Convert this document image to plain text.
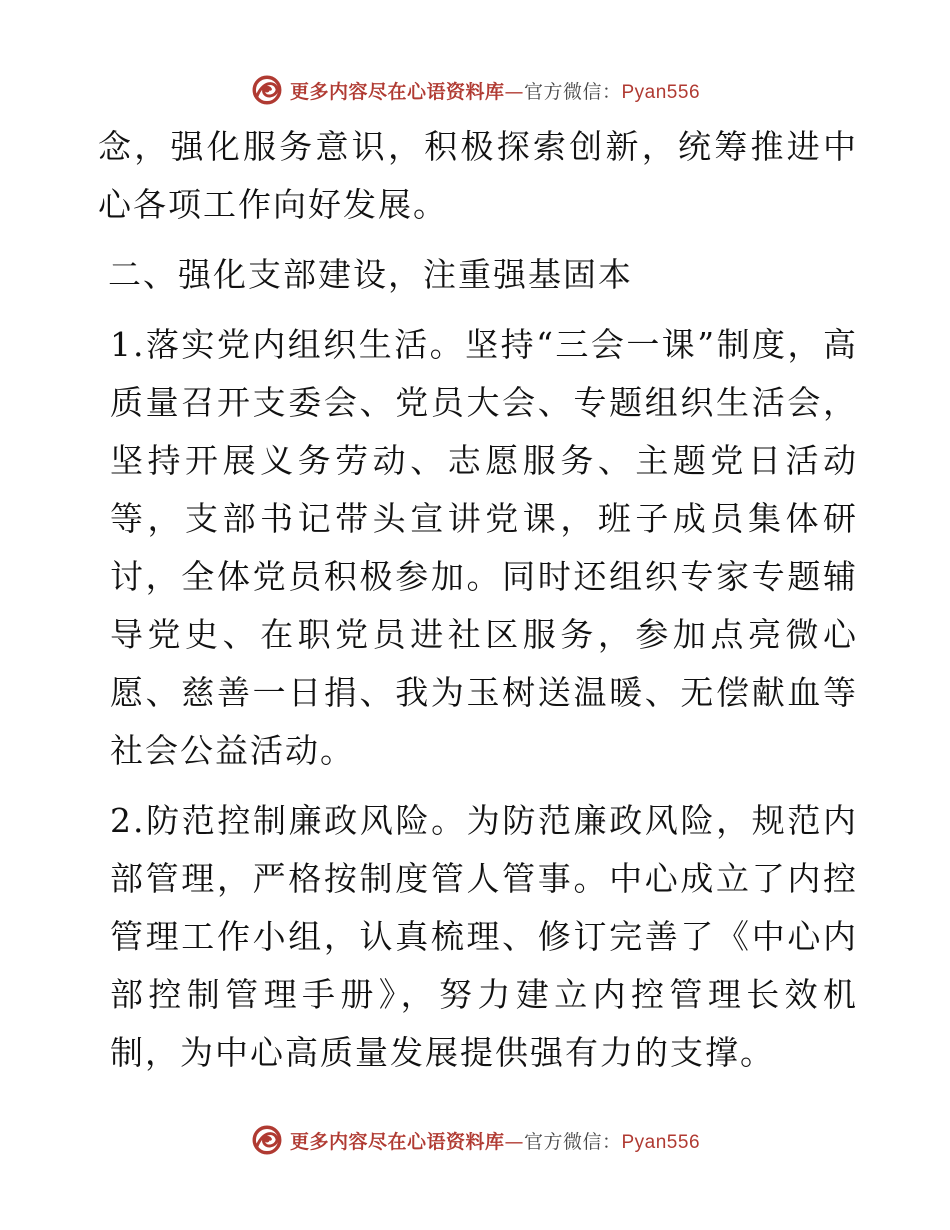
更多内容尽在心语资料库—官方微信：Pyan556

念，强化服务意识，积极探索创新，统筹推进中心各项工作向好发展。

二、强化支部建设，注重强基固本

1.落实党内组织生活。坚持“三会一课”制度，高质量召开支委会、党员大会、专题组织生活会，坚持开展义务劳动、志愿服务、主题党日活动等，支部书记带头宣讲党课，班子成员集体研讨，全体党员积极参加。同时还组织专家专题辅导党史、在职党员进社区服务，参加点亮微心愿、慈善一日捐、我为玉树送温暖、无偿献血等社会公益活动。

2.防范控制廉政风险。为防范廉政风险，规范内部管理，严格按制度管人管事。中心成立了内控管理工作小组，认真梳理、修订完善了《中心内部控制管理手册》，努力建立内控管理长效机制，为中心高质量发展提供强有力的支撑。

更多内容尽在心语资料库—官方微信：Pyan556
